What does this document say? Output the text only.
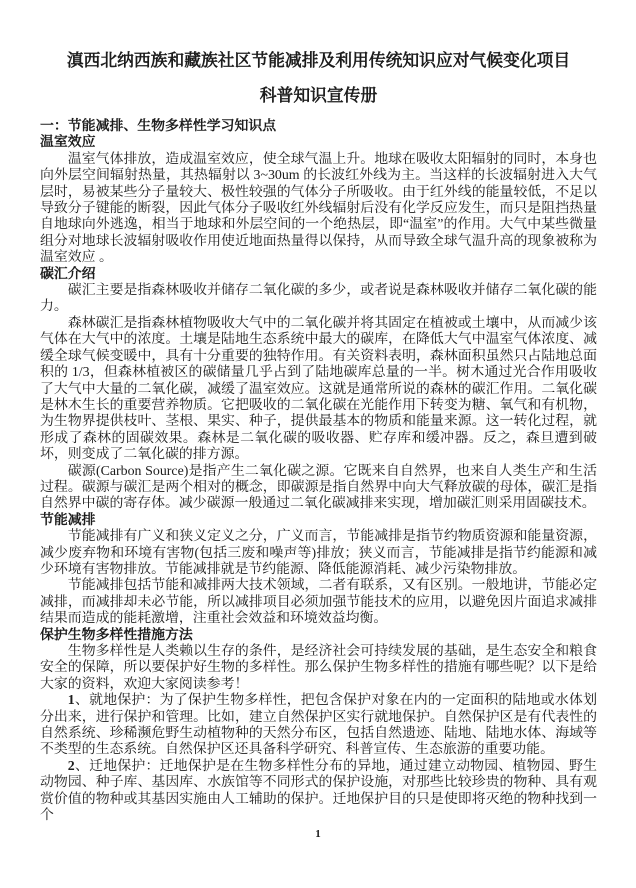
滇西北纳西族和藏族社区节能减排及利用传统知识应对气候变化项目
科普知识宣传册
一：节能减排、生物多样性学习知识点

温室效应

温室气体排放，造成温室效应，使全球气温上升。地球在吸收太阳辐射的同时，本身也向外层空间辐射热量，其热辐射以 3~30um 的长波红外线为主。当这样的长波辐射进入大气层时，易被某些分子量较大、极性较强的气体分子所吸收。由于红外线的能量较低，不足以导致分子键能的断裂，因此气体分子吸收红外线辐射后没有化学反应发生，而只是阻挡热量自地球向外逃逸，相当于地球和外层空间的一个绝热层，即“温室”的作用。大气中某些微量组分对地球长波辐射吸收作用使近地面热量得以保持，从而导致全球气温升高的现象被称为温室效应 。

碳汇介绍

碳汇主要是指森林吸收并储存二氧化碳的多少，或者说是森林吸收并储存二氧化碳的能力。

森林碳汇是指森林植物吸收大气中的二氧化碳并将其固定在植被或土壤中，从而减少该气体在大气中的浓度。土壤是陆地生态系统中最大的碳库，在降低大气中温室气体浓度、减缓全球气候变暖中，具有十分重要的独特作用。有关资料表明，森林面积虽然只占陆地总面积的 1/3，但森林植被区的碳储量几乎占到了陆地碳库总量的一半。树木通过光合作用吸收了大气中大量的二氧化碳，减缓了温室效应。这就是通常所说的森林的碳汇作用。二氧化碳是林木生长的重要营养物质。它把吸收的二氧化碳在光能作用下转变为糖、氧气和有机物，为生物界提供枝叶、茎根、果实、种子，提供最基本的物质和能量来源。这一转化过程，就形成了森林的固碳效果。森林是二氧化碳的吸收器、贮存库和缓冲器。反之，森旦遭到破坏，则变成了二氧化碳的排方源。

碳源(Carbon Source)是指产生二氧化碳之源。它既来自自然界，也来自人类生产和生活过程。碳源与碳汇是两个相对的概念，即碳源是指自然界中向大气释放碳的母体，碳汇是指自然界中碳的寄存体。减少碳源一般通过二氧化碳减排来实现，增加碳汇则采用固碳技术。

节能减排

节能减排有广义和狭义定义之分，广义而言，节能减排是指节约物质资源和能量资源，减少废弃物和环境有害物(包括三废和噪声等)排放；狭义而言，节能减排是指节约能源和减少环境有害物排放。节能减排就是节约能源、降低能源消耗、减少污染物排放。

节能减排包括节能和减排两大技术领域，二者有联系，又有区别。一般地讲，节能必定减排，而减排却未必节能，所以减排项目必须加强节能技术的应用，以避免因片面追求减排结果而造成的能耗激增，注重社会效益和环境效益均衡。

保护生物多样性措施方法

生物多样性是人类赖以生存的条件，是经济社会可持续发展的基础，是生态安全和粮食安全的保障，所以要保护好生物的多样性。那么保护生物多样性的措施有哪些呢？以下是给大家的资料，欢迎大家阅读参考！

1、就地保护：为了保护生物多样性，把包含保护对象在内的一定面积的陆地或水体划分出来，进行保护和管理。比如，建立自然保护区实行就地保护。自然保护区是有代表性的自然系统、珍稀濒危野生动植物种的天然分布区，包括自然遗迹、陆地、陆地水体、海域等不类型的生态系统。自然保护区还具备科学研究、科普宣传、生态旅游的重要功能。

2、迁地保护：迁地保护是在生物多样性分布的异地，通过建立动物园、植物园、野生动物园、种子库、基因库、水族馆等不同形式的保护设施，对那些比较珍贵的物种、具有观赏价值的物种或其基因实施由人工辅助的保护。迁地保护目的只是使即将灭绝的物种找到一个

1
